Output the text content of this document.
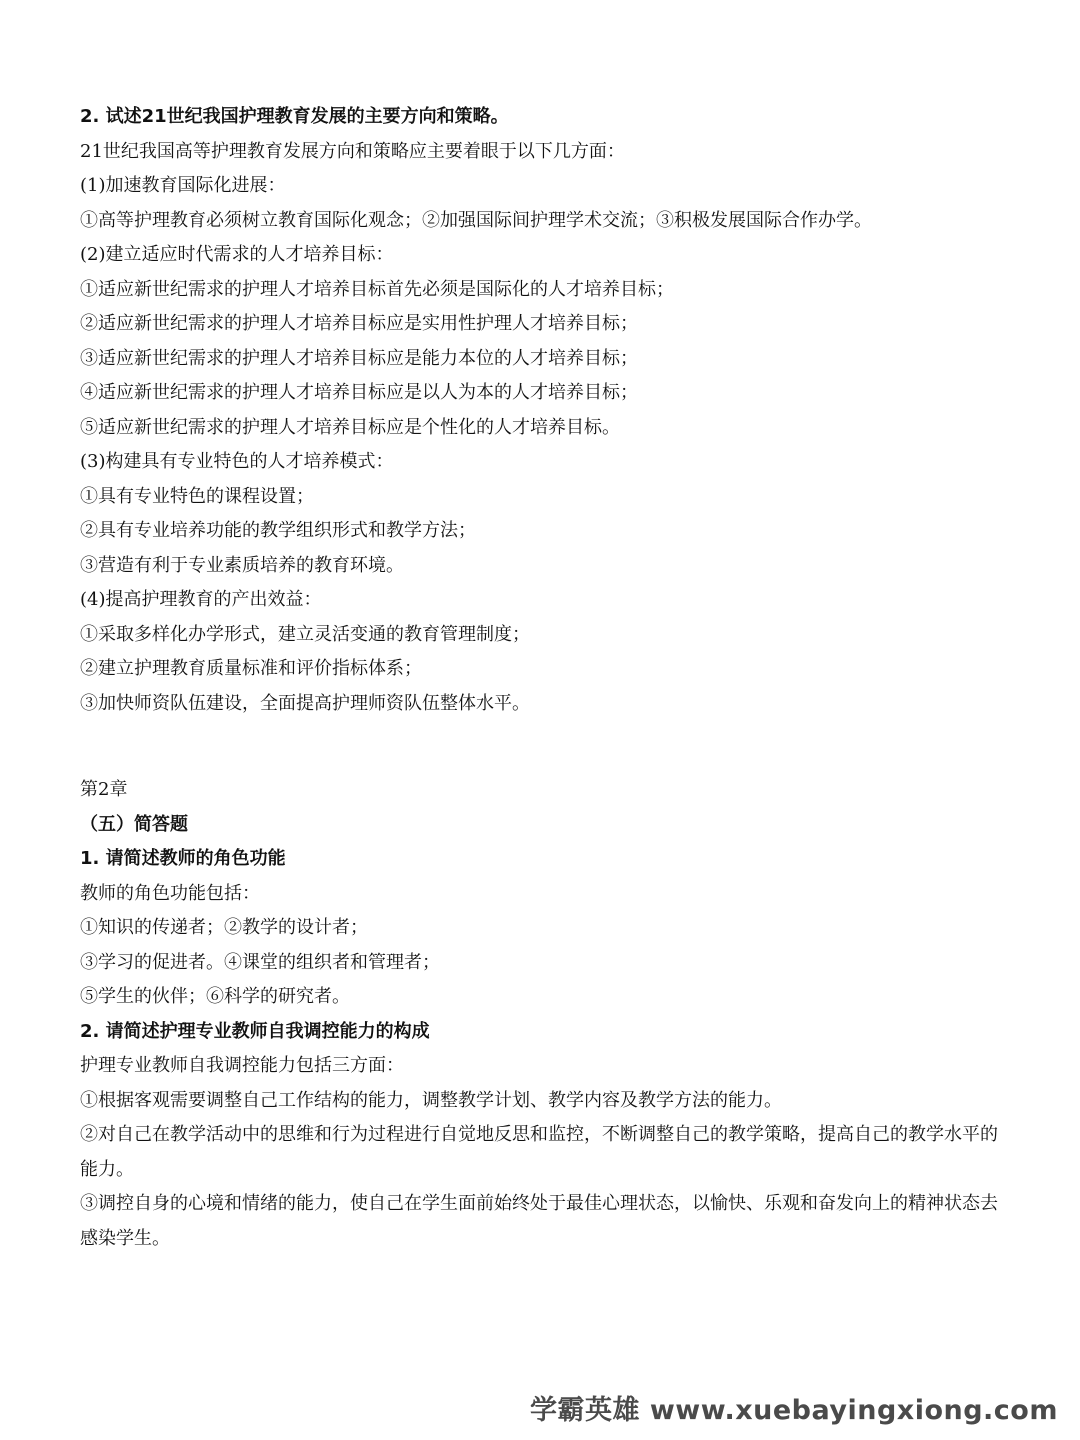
2. 试述21世纪我国护理教育发展的主要方向和策略。
21世纪我国高等护理教育发展方向和策略应主要着眼于以下几方面：
(1)加速教育国际化进展：
①高等护理教育必须树立教育国际化观念；②加强国际间护理学术交流；③积极发展国际合作办学。
(2)建立适应时代需求的人才培养目标：
①适应新世纪需求的护理人才培养目标首先必须是国际化的人才培养目标；
②适应新世纪需求的护理人才培养目标应是实用性护理人才培养目标；
③适应新世纪需求的护理人才培养目标应是能力本位的人才培养目标；
④适应新世纪需求的护理人才培养目标应是以人为本的人才培养目标；
⑤适应新世纪需求的护理人才培养目标应是个性化的人才培养目标。
(3)构建具有专业特色的人才培养模式：
①具有专业特色的课程设置；
②具有专业培养功能的教学组织形式和教学方法；
③营造有利于专业素质培养的教育环境。
(4)提高护理教育的产出效益：
①采取多样化办学形式，建立灵活变通的教育管理制度；
②建立护理教育质量标准和评价指标体系；
③加快师资队伍建设，全面提高护理师资队伍整体水平。
第2章
（五）简答题
1. 请简述教师的角色功能
教师的角色功能包括：
①知识的传递者；②教学的设计者；
③学习的促进者。④课堂的组织者和管理者；
⑤学生的伙伴；⑥科学的研究者。
2. 请简述护理专业教师自我调控能力的构成
护理专业教师自我调控能力包括三方面：
①根据客观需要调整自己工作结构的能力，调整教学计划、教学内容及教学方法的能力。
②对自己在教学活动中的思维和行为过程进行自觉地反思和监控，不断调整自己的教学策略，提高自己的教学水平的能力。
③调控自身的心境和情绪的能力，使自己在学生面前始终处于最佳心理状态，以愉快、乐观和奋发向上的精神状态去感染学生。
学霸英雄 www.xuebayingxiong.com
